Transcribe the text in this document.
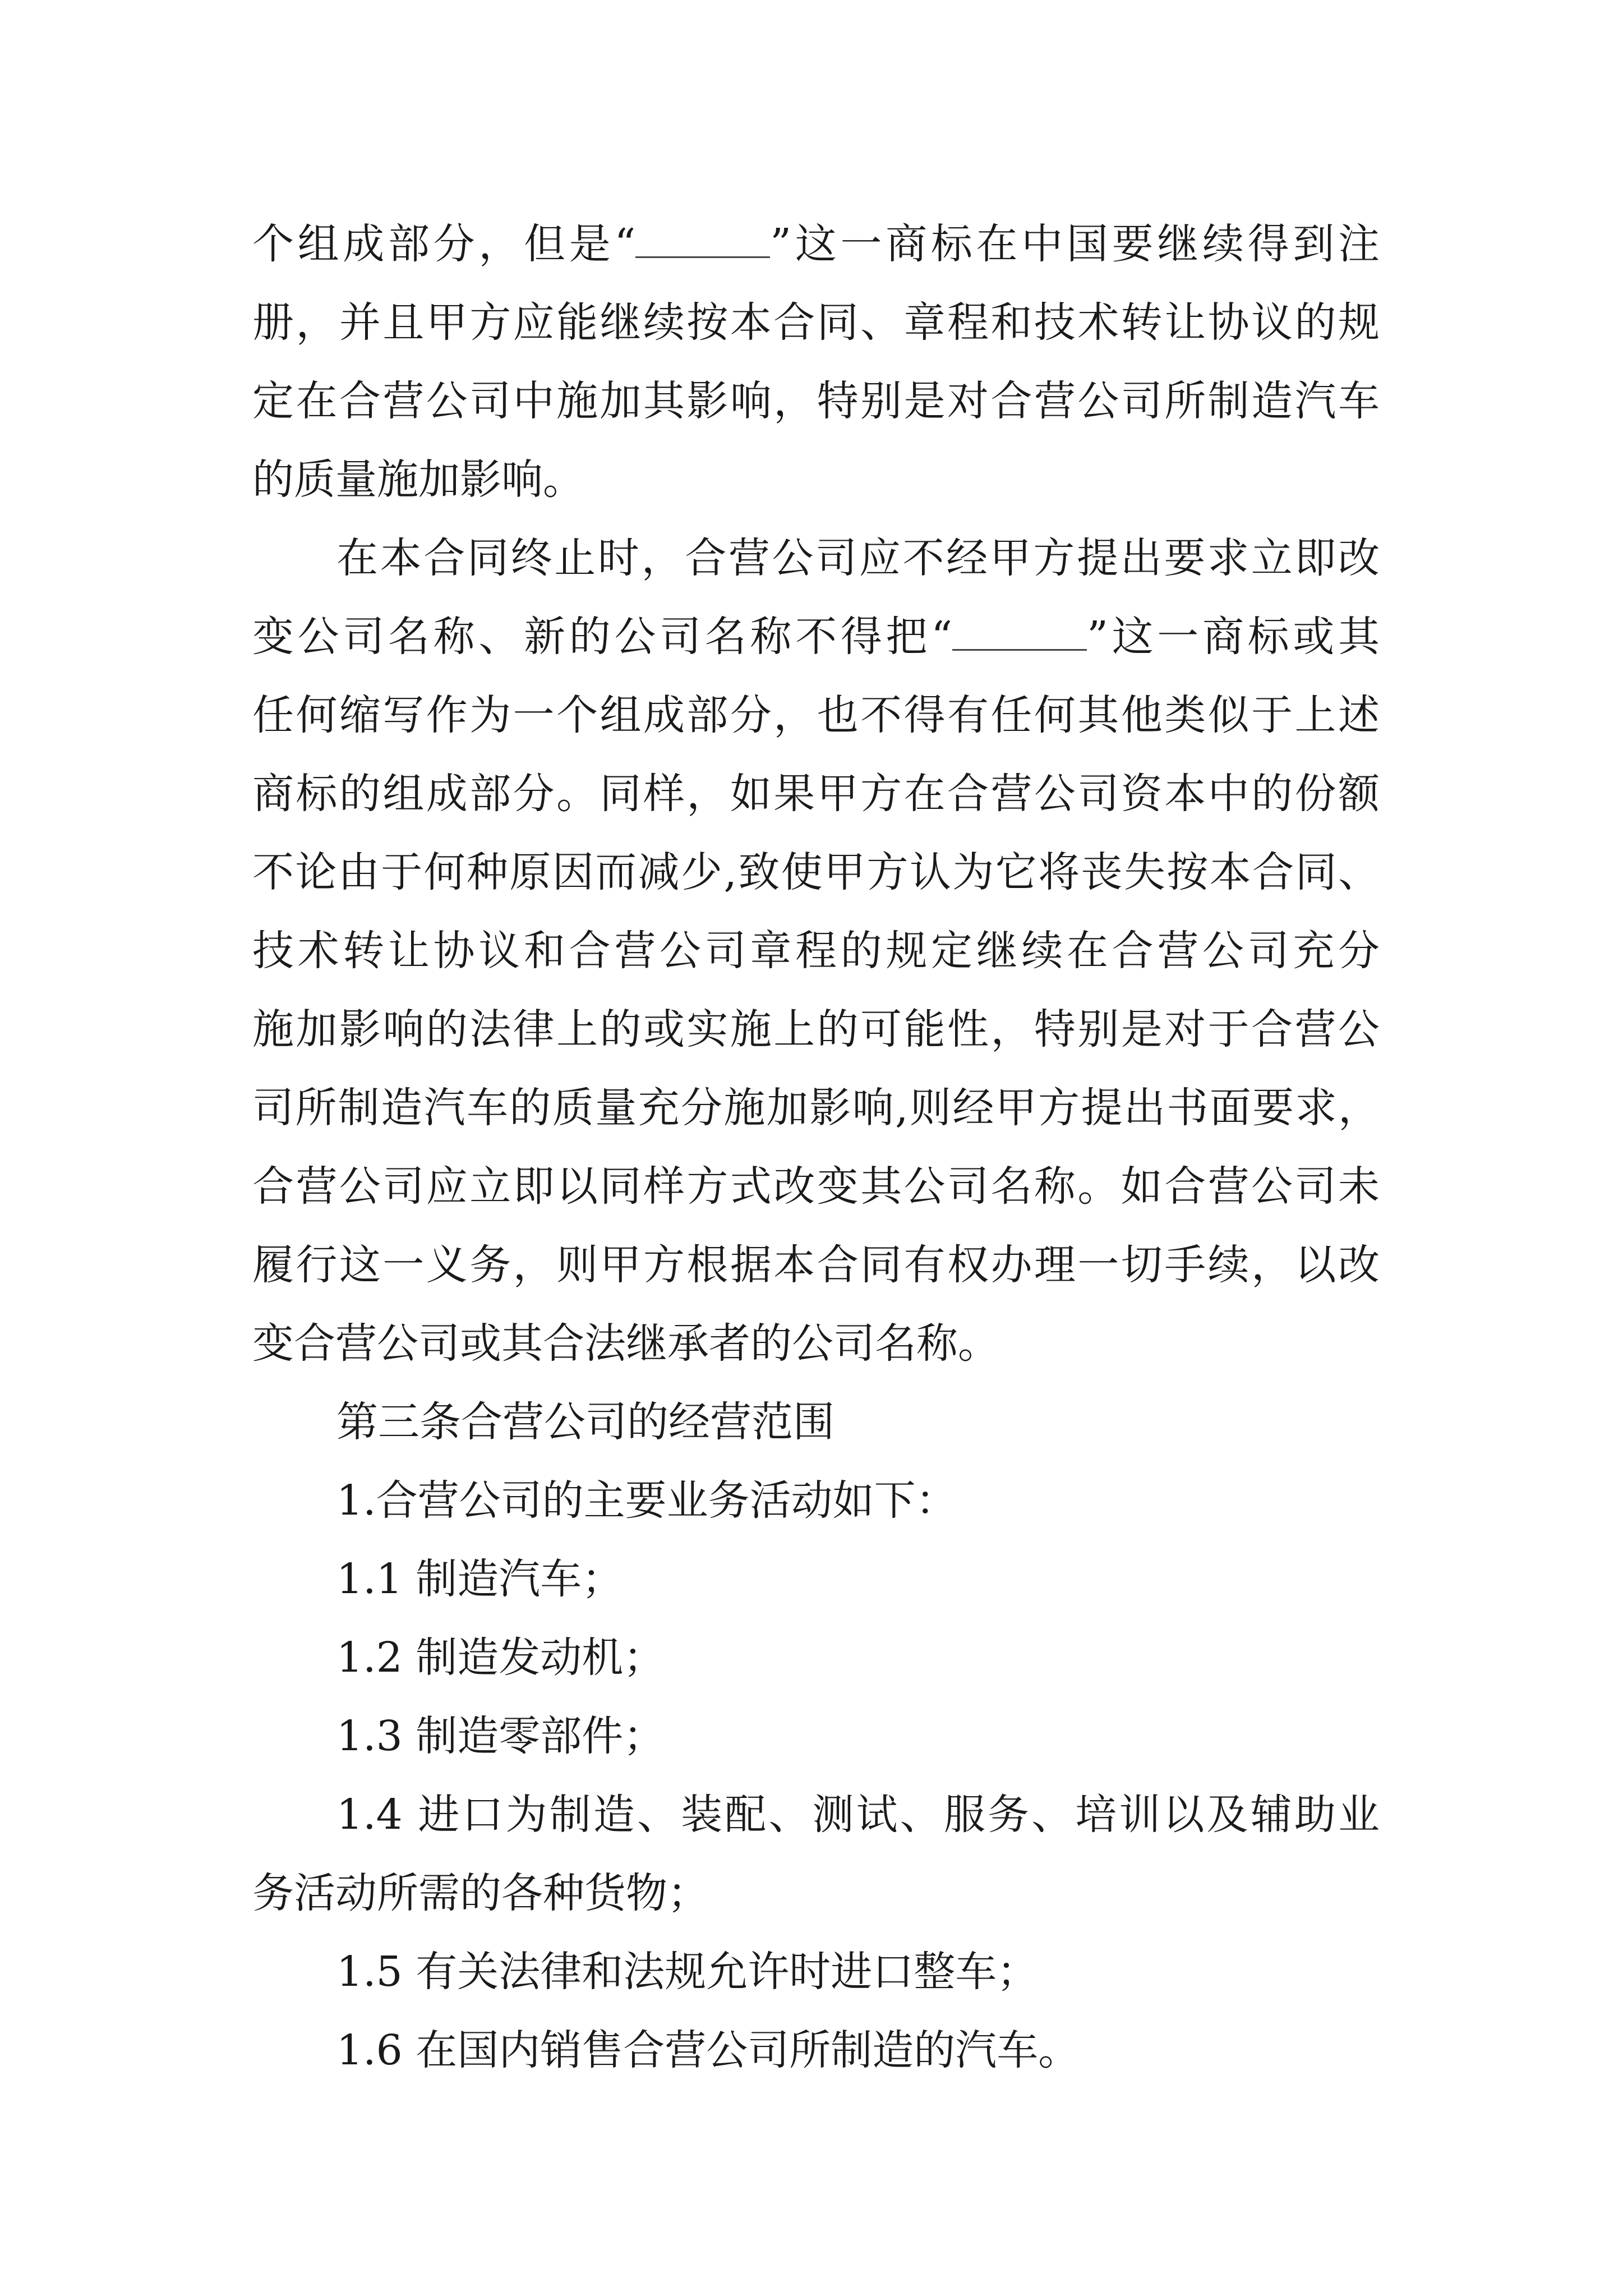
个组成部分，但是“	”这一商标在中国要继续得到注
册，并且甲方应能继续按本合同、章程和技术转让协议的规
定在合营公司中施加其影响，特别是对合营公司所制造汽车
的质量施加影响。
在本合同终止时，合营公司应不经甲方提出要求立即改
变公司名称、新的公司名称不得把“	”这一商标或其
任何缩写作为一个组成部分，也不得有任何其他类似于上述
商标的组成部分。同样，如果甲方在合营公司资本中的份额
不论由于何种原因而减少,致使甲方认为它将丧失按本合同、
技术转让协议和合营公司章程的规定继续在合营公司充分
施加影响的法律上的或实施上的可能性，特别是对于合营公
司所制造汽车的质量充分施加影响,则经甲方提出书面要求，
合营公司应立即以同样方式改变其公司名称。如合营公司未
履行这一义务，则甲方根据本合同有权办理一切手续，以改
变合营公司或其合法继承者的公司名称。
第三条合营公司的经营范围
1.合营公司的主要业务活动如下：
1.1 制造汽车；
1.2 制造发动机；
1.3 制造零部件；
1.4 进口为制造、装配、测试、服务、培训以及辅助业
务活动所需的各种货物；
1.5 有关法律和法规允许时进口整车；
1.6 在国内销售合营公司所制造的汽车。
